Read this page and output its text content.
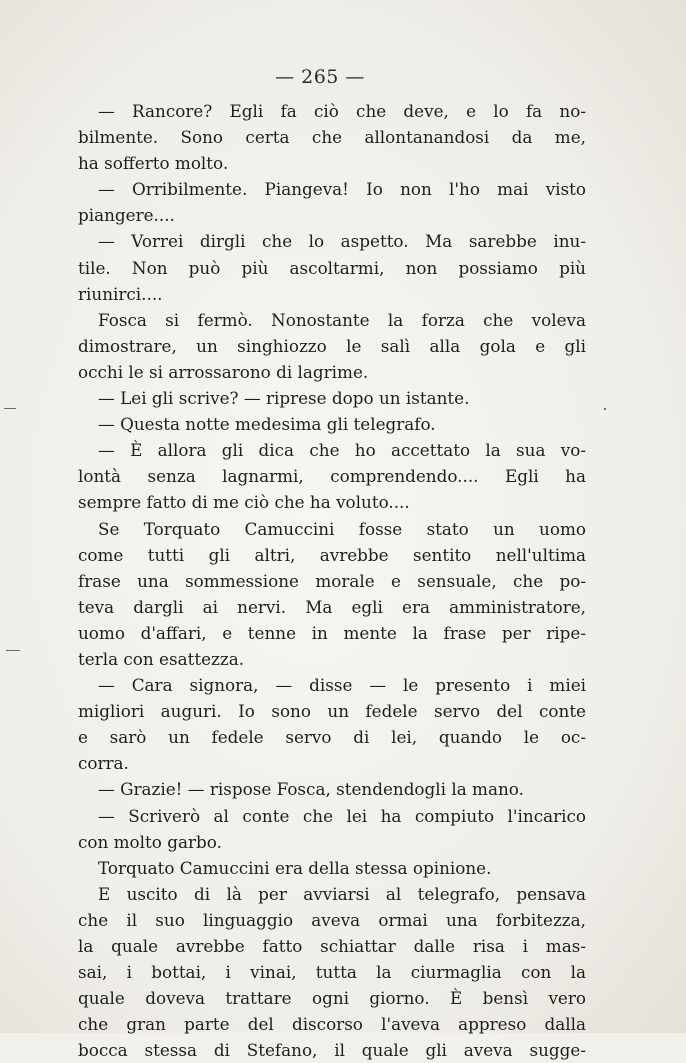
— 265 —
— Rancore? Egli fa ciò che deve, e lo fa no-
bilmente. Sono certa che allontanandosi da me,
ha sofferto molto.
— Orribilmente. Piangeva! Io non l'ho mai visto
piangere....
— Vorrei dirgli che lo aspetto. Ma sarebbe inu-
tile. Non può più ascoltarmi, non possiamo più
riunirci....
Fosca si fermò. Nonostante la forza che voleva
dimostrare, un singhiozzo le salì alla gola e gli
occhi le si arrossarono di lagrime.
— Lei gli scrive? — riprese dopo un istante.
— Questa notte medesima gli telegrafo.
— È allora gli dica che ho accettato la sua vo-
lontà senza lagnarmi, comprendendo.... Egli ha
sempre fatto di me ciò che ha voluto....
Se Torquato Camuccini fosse stato un uomo
come tutti gli altri, avrebbe sentito nell'ultima
frase una sommessione morale e sensuale, che po-
teva dargli ai nervi. Ma egli era amministratore,
uomo d'affari, e tenne in mente la frase per ripe-
terla con esattezza.
— Cara signora, — disse — le presento i miei
migliori auguri. Io sono un fedele servo del conte
e sarò un fedele servo di lei, quando le oc-
corra.
— Grazie! — rispose Fosca, stendendogli la mano.
— Scriverò al conte che lei ha compiuto l'incarico
con molto garbo.
Torquato Camuccini era della stessa opinione.
E uscito di là per avviarsi al telegrafo, pensava
che il suo linguaggio aveva ormai una forbitezza,
la quale avrebbe fatto schiattar dalle risa i mas-
sai, i bottai, i vinai, tutta la ciurmaglia con la
quale doveva trattare ogni giorno. È bensì vero
che gran parte del discorso l'aveva appreso dalla
bocca stessa di Stefano, il quale gli aveva sugge-
